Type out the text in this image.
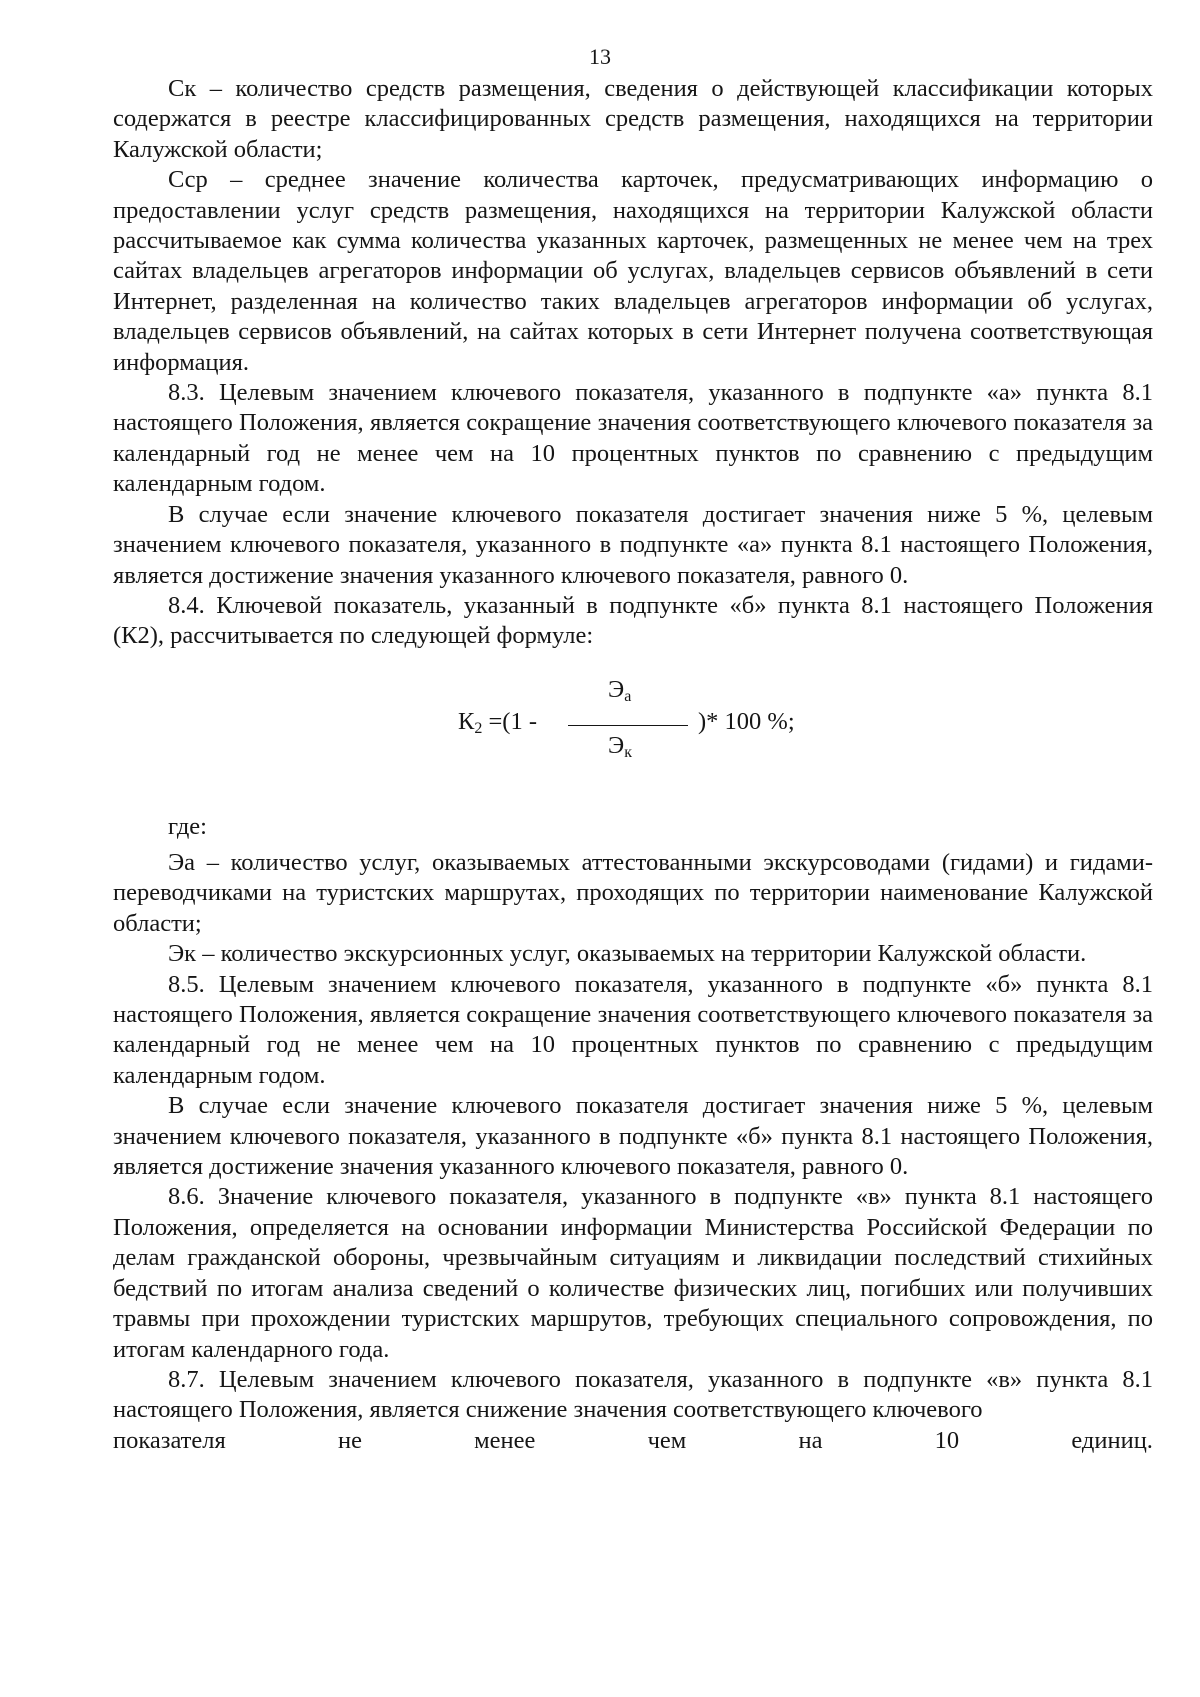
13

Ск – количество средств размещения, сведения о действующей классификации которых содержатся в реестре классифицированных средств размещения, находящихся на территории Калужской области;

Сср – среднее значение количества карточек, предусматривающих информацию о предоставлении услуг средств размещения, находящихся на территории Калужской области рассчитываемое как сумма количества указанных карточек, размещенных не менее чем на трех сайтах владельцев агрегаторов информации об услугах, владельцев сервисов объявлений в сети Интернет, разделенная на количество таких владельцев агрегаторов информации об услугах, владельцев сервисов объявлений, на сайтах которых в сети Интернет получена соответствующая информация.

8.3. Целевым значением ключевого показателя, указанного в подпункте «а» пункта 8.1 настоящего Положения, является сокращение значения соответствующего ключевого показателя за календарный год не менее чем на 10 процентных пунктов по сравнению с предыдущим календарным годом.

В случае если значение ключевого показателя достигает значения ниже 5 %, целевым значением ключевого показателя, указанного в подпункте «а» пункта 8.1 настоящего Положения, является достижение значения указанного ключевого показателя, равного 0.

8.4. Ключевой показатель, указанный в подпункте «б» пункта 8.1 настоящего Положения (К2), рассчитывается по следующей формуле:

$К_2 =(1$ -
$Э_а$
$Э_к$
)* 100 %;
где:

Эа – количество услуг, оказываемых аттестованными экскурсоводами (гидами) и гидами-переводчиками на туристских маршрутах, проходящих по территории наименование Калужской области;

Эк – количество экскурсионных услуг, оказываемых на территории Калужской области.

8.5. Целевым значением ключевого показателя, указанного в подпункте «б» пункта 8.1 настоящего Положения, является сокращение значения соответствующего ключевого показателя за календарный год не менее чем на 10 процентных пунктов по сравнению с предыдущим календарным годом.

В случае если значение ключевого показателя достигает значения ниже 5 %, целевым значением ключевого показателя, указанного в подпункте «б» пункта 8.1 настоящего Положения, является достижение значения указанного ключевого показателя, равного 0.

8.6. Значение ключевого показателя, указанного в подпункте «в» пункта 8.1 настоящего Положения, определяется на основании информации Министерства Российской Федерации по делам гражданской обороны, чрезвычайным ситуациям и ликвидации последствий стихийных бедствий по итогам анализа сведений о количестве физических лиц, погибших или получивших травмы при прохождении туристских маршрутов, требующих специального сопровождения, по итогам календарного года.

8.7. Целевым значением ключевого показателя, указанного в подпункте «в» пункта 8.1 настоящего Положения, является снижение значения соответствующего ключевого

показателя	не	менее	чем	на	10	единиц.
